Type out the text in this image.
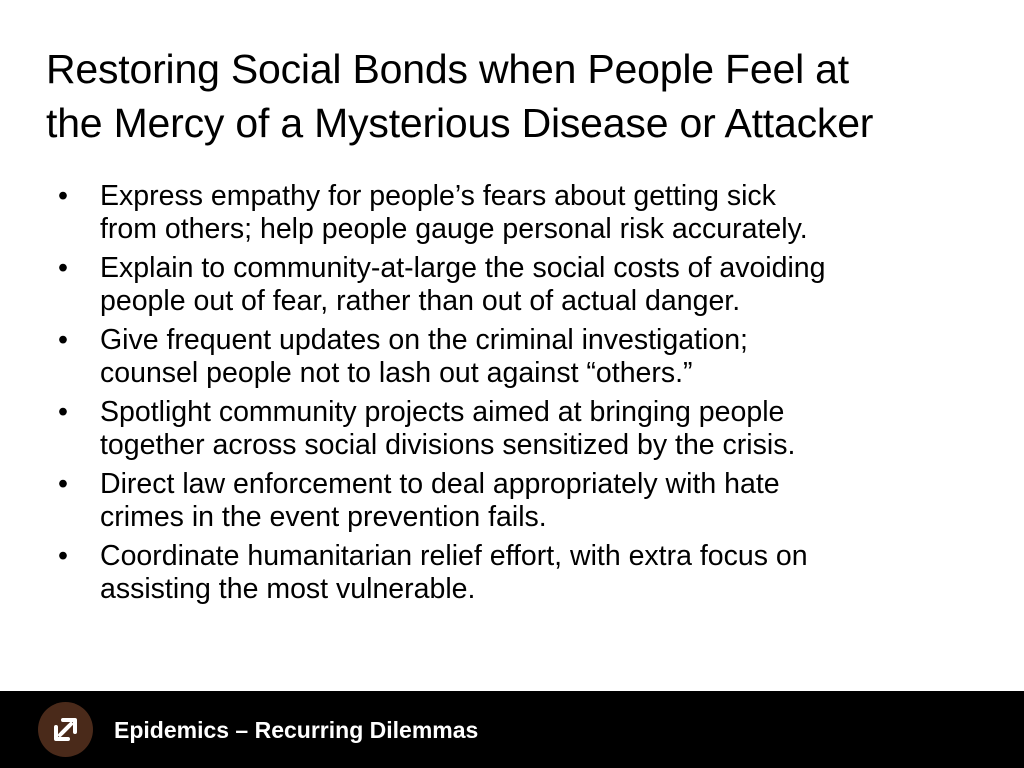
Restoring Social Bonds when People Feel at
the Mercy of a Mysterious Disease or Attacker
•	Express empathy for people’s fears about getting sick
from others; help people gauge personal risk accurately.
•	Explain to community-at-large the social costs of avoiding
people out of fear, rather than out of actual danger.
•	Give frequent updates on the criminal investigation;
counsel people not to lash out against “others.”
•	Spotlight community projects aimed at bringing people
together across social divisions sensitized by the crisis.
•	Direct law enforcement to deal appropriately with hate
crimes in the event prevention fails.
•	Coordinate humanitarian relief effort, with extra focus on
assisting the most vulnerable.
Epidemics – Recurring Dilemmas
